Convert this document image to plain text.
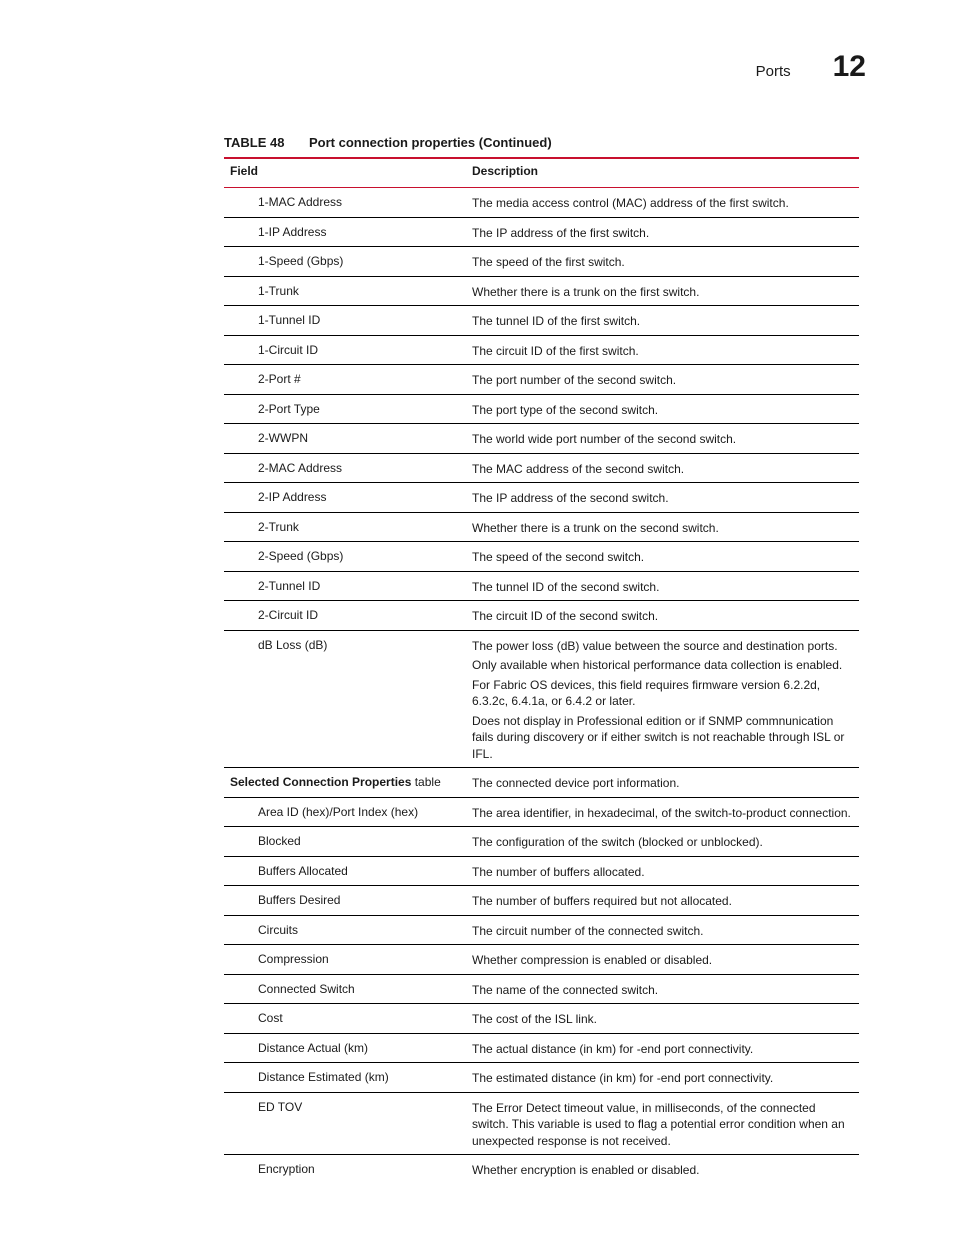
Ports 12
TABLE 48 Port connection properties (Continued)
Field	Description
1-MAC Address	The media access control (MAC) address of the first switch.

1-IP Address	The IP address of the first switch.

1-Speed (Gbps)	The speed of the first switch.

1-Trunk	Whether there is a trunk on the first switch.

1-Tunnel ID	The tunnel ID of the first switch.

1-Circuit ID	The circuit ID of the first switch.

2-Port #	The port number of the second switch.

2-Port Type	The port type of the second switch.

2-WWPN	The world wide port number of the second switch.

2-MAC Address	The MAC address of the second switch.

2-IP Address	The IP address of the second switch.

2-Trunk	Whether there is a trunk on the second switch.

2-Speed (Gbps)	The speed of the second switch.

2-Tunnel ID	The tunnel ID of the second switch.

2-Circuit ID	The circuit ID of the second switch.

dB Loss (dB)	The power loss (dB) value between the source and destination ports.
Only available when historical performance data collection is enabled.
For Fabric OS devices, this field requires firmware version 6.2.2d, 6.3.2c, 6.4.1a, or 6.4.2 or later.
Does not display in Professional edition or if SNMP commnunication fails during discovery or if either switch is not reachable through ISL or IFL.

Selected Connection Properties table	The connected device port information.

Area ID (hex)/Port Index (hex)	The area identifier, in hexadecimal, of the switch-to-product connection.

Blocked	The configuration of the switch (blocked or unblocked).

Buffers Allocated	The number of buffers allocated.

Buffers Desired	The number of buffers required but not allocated.

Circuits	The circuit number of the connected switch.

Compression	Whether compression is enabled or disabled.

Connected Switch	The name of the connected switch.

Cost	The cost of the ISL link.

Distance Actual (km)	The actual distance (in km) for -end port connectivity.

Distance Estimated (km)	The estimated distance (in km) for -end port connectivity.

ED TOV	The Error Detect timeout value, in milliseconds, of the connected switch. This variable is used to flag a potential error condition when an unexpected response is not received.

Encryption	Whether encryption is enabled or disabled.
